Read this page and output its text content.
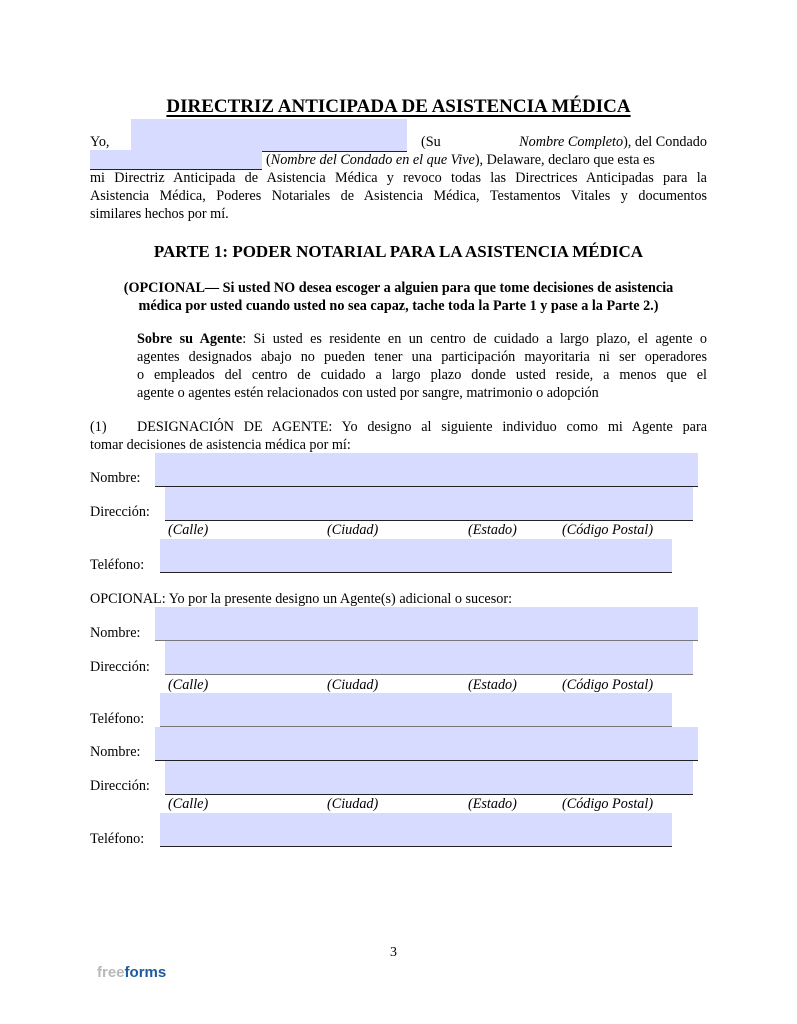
DIRECTRIZ ANTICIPADA DE ASISTENCIA MÉDICA
Yo,	(Su	Nombre Completo), del Condado
(Nombre del Condado en el que Vive), Delaware, declaro que esta es
mi Directriz Anticipada de Asistencia Médica y revoco todas las Directrices Anticipadas para la
Asistencia Médica, Poderes Notariales de Asistencia Médica, Testamentos Vitales y documentos
similares hechos por mí.
PARTE 1: PODER NOTARIAL PARA LA ASISTENCIA MÉDICA
(OPCIONAL— Si usted NO desea escoger a alguien para que tome decisiones de asistencia
médica por usted cuando usted no sea capaz, tache toda la Parte 1 y pase a la Parte 2.)
Sobre su Agente: Si usted es residente en un centro de cuidado a largo plazo, el agente o
agentes designados abajo no pueden tener una participación mayoritaria ni ser operadores
o empleados del centro de cuidado a largo plazo donde usted reside, a menos que el
agente o agentes estén relacionados con usted por sangre, matrimonio o adopción
(1) DESIGNACIÓN DE AGENTE: Yo designo al siguiente individuo como mi Agente para
tomar decisiones de asistencia médica por mí:
Nombre:
Dirección:
(Calle)	(Ciudad)	(Estado)	(Código Postal)
Teléfono:
OPCIONAL: Yo por la presente designo un Agente(s) adicional o sucesor:
Nombre:
Dirección:
(Calle)	(Ciudad)	(Estado)	(Código Postal)
Teléfono:
Nombre:
Dirección:
(Calle)	(Ciudad)	(Estado)	(Código Postal)
Teléfono:
3
freeforms
